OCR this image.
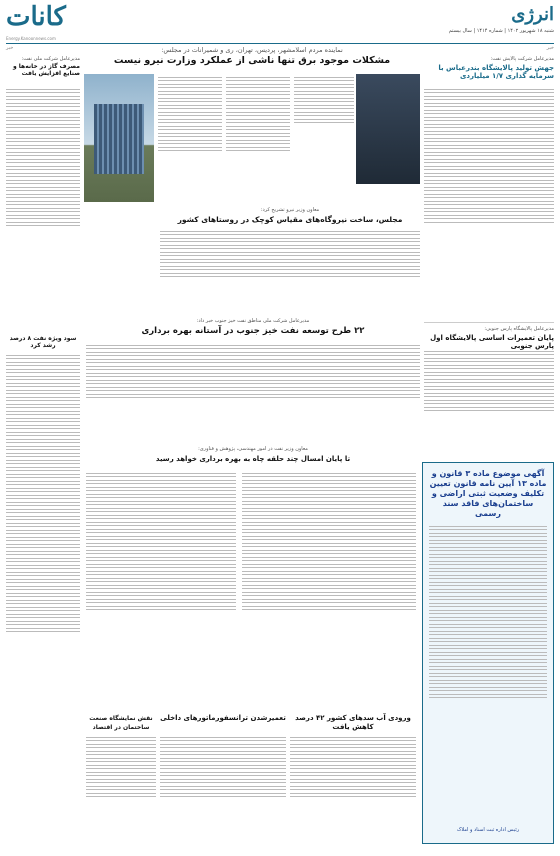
انرژی
کانات	شنبه ۱۸ شهریور ۱۴۰۲ | شماره ۱۴۱۴ | سال بیستم
Energy.Kanoonnews.com
خبر
خبر	نماینده مردم اسلامشهر، پردیس، تهران، ری و شمیرانات در مجلس:
مشکلات موجود برق تنها ناشی از عملکرد وزارت نیرو نیست
معاون وزیر نیرو تشریح کرد:
مجلس، ساخت نیروگاه‌های مقیاس کوچک در روستاهای کشور
مدیرعامل شرکت پالایش نفت:
جهش تولید پالایشگاه بندرعباس با سرمایه گذاری ۱/۷ میلیاردی
مدیرعامل پالایشگاه پارس جنوبی:
پایان تعمیرات اساسی پالایشگاه اول پارس جنوبی
مدیرعامل شرکت ملی نفت:
مصرف گاز در خانه‌ها و صنایع افزایش یافت
سود ویژه نفت ۸ درصد رشد کرد
مدیرعامل شرکت ملی مناطق نفت خیز جنوب خبر داد:
۲۲ طرح توسعه نفت خیز جنوب در آستانه بهره برداری
معاون وزیر نفت در امور مهندسی، پژوهش و فناوری:
تا پایان امسال چند حلقه چاه به بهره برداری خواهد رسید
آگهی موضوع ماده ۳ قانون و ماده ۱۳ آیین نامه قانون تعیین تکلیف وضعیت ثبتی اراضی و ساختمان‌های فاقد سند رسمی
رئیس اداره ثبت اسناد و املاک
ورودی آب سدهای کشور ۴۲ درصد کاهش یافت
تعمیرشدن ترانسفورماتورهای داخلی
نقش نمایشگاه صنعت ساختمان در اقتصاد
